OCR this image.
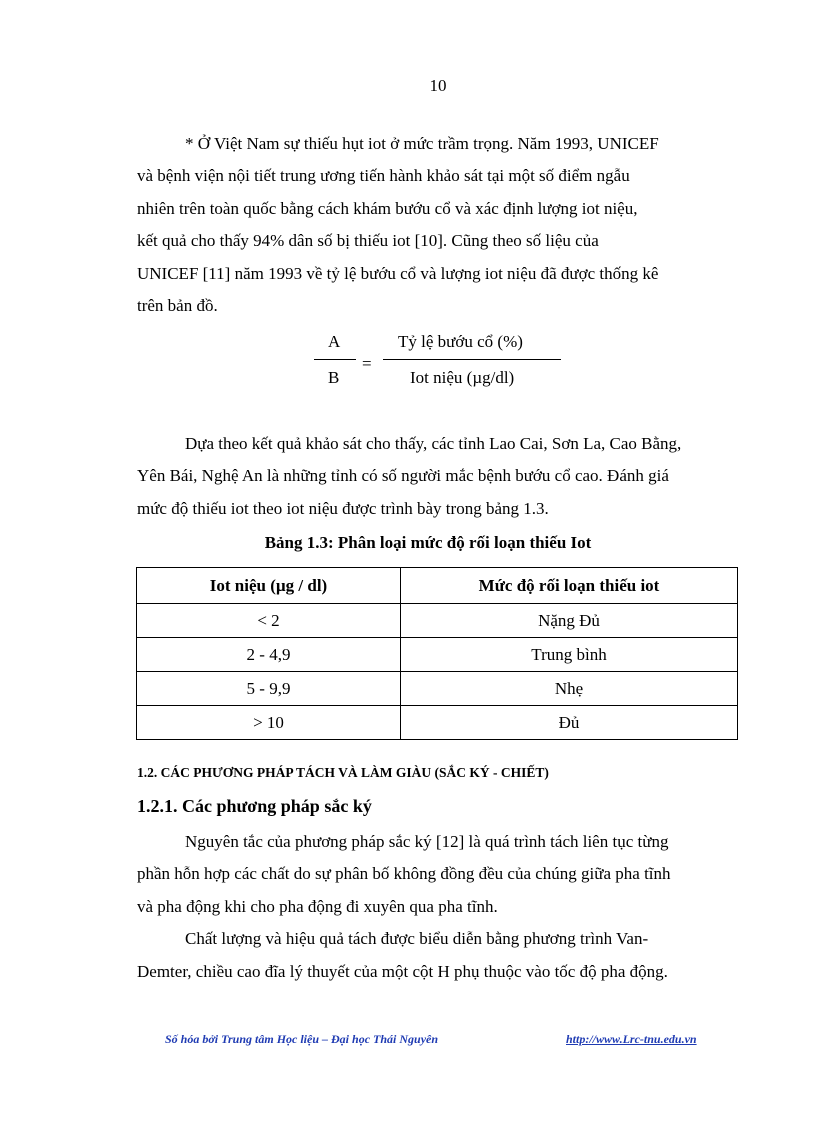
10
* Ở Việt Nam sự thiếu hụt iot ở mức trầm trọng. Năm 1993, UNICEF
và bệnh viện nội tiết trung ương tiến hành khảo sát tại một số điểm ngẫu
nhiên trên toàn quốc bằng cách khám bướu cổ và xác định lượng iot niệu,
kết quả cho thấy 94% dân số bị thiếu iot [10]. Cũng theo số liệu của
UNICEF [11] năm 1993 về tỷ lệ bướu cổ và lượng iot niệu đã được thống kê
trên bản đồ.
A
B
=
Tỷ lệ bướu cổ (%)
Iot niệu (µg/dl)
Dựa theo kết quả khảo sát cho thấy, các tỉnh Lao Cai, Sơn La, Cao Bằng,
Yên Bái, Nghệ An là những tỉnh có số người mắc bệnh bướu cổ cao. Đánh giá
mức độ thiếu iot theo iot niệu được trình bày trong bảng 1.3.
Bảng 1.3: Phân loại mức độ rối loạn thiếu Iot
Iot niệu (µg / dl)	Mức độ rối loạn thiếu iot
< 2	Nặng Đủ
2 - 4,9	Trung bình
5 - 9,9	Nhẹ
> 10	Đủ
1.2. CÁC PHƯƠNG PHÁP TÁCH VÀ LÀM GIÀU (SẮC KÝ - CHIẾT)
1.2.1. Các phương pháp sắc ký
Nguyên tắc của phương pháp sắc ký [12] là quá trình tách liên tục từng
phần hỗn hợp các chất do sự phân bố không đồng đều của chúng giữa pha tĩnh
và pha động khi cho pha động đi xuyên qua pha tĩnh.
Chất lượng và hiệu quả tách được biểu diễn bằng phương trình Van-
Demter, chiều cao đĩa lý thuyết của một cột H phụ thuộc vào tốc độ pha động.
Số hóa bởi Trung tâm Học liệu – Đại học Thái Nguyên	http://www.Lrc-tnu.edu.vn
